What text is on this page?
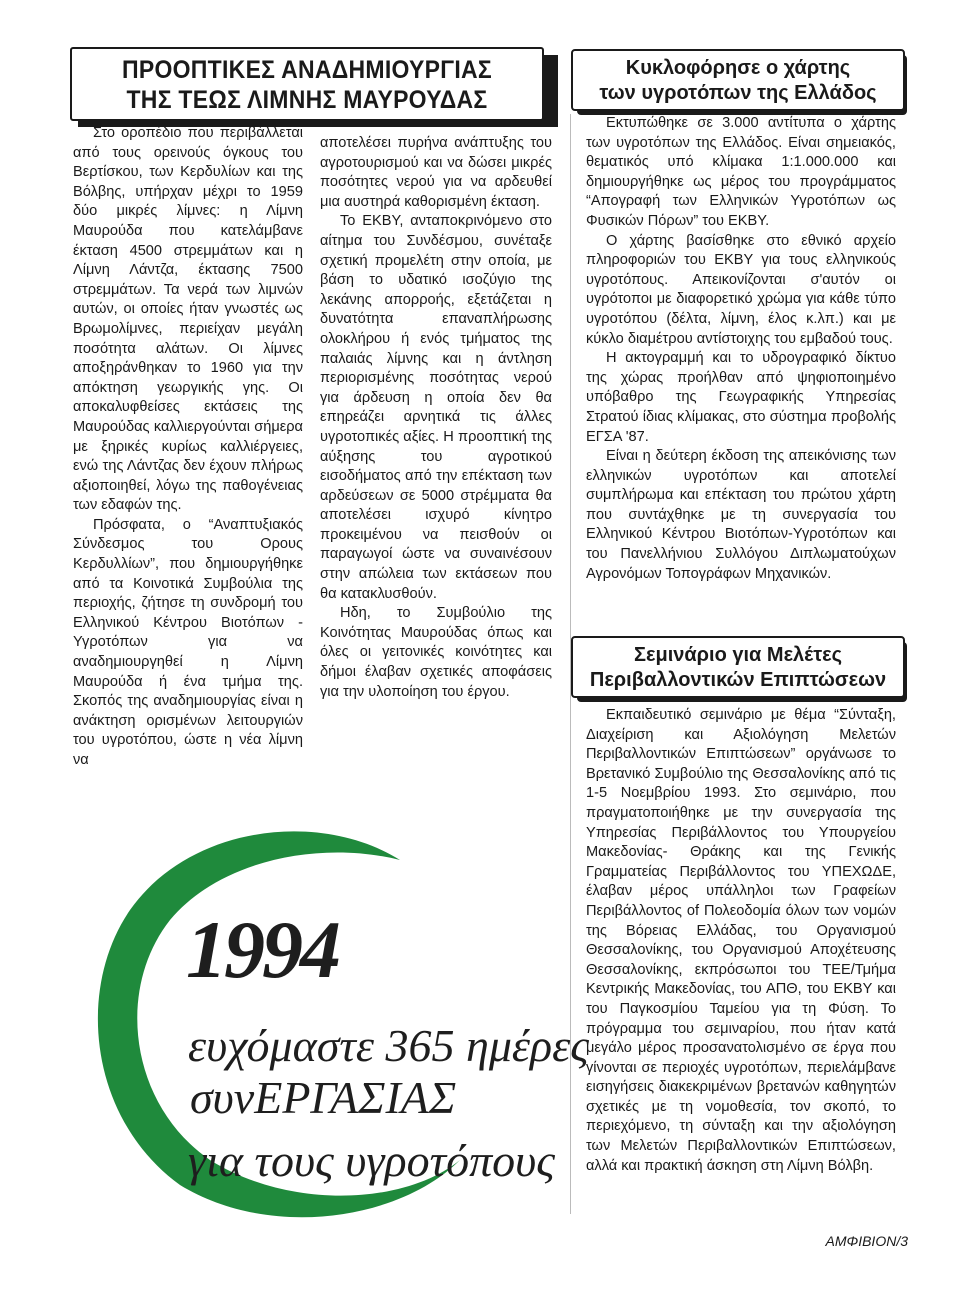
ΠΡΟΟΠΤΙΚΕΣ ΑΝΑΔΗΜΙΟΥΡΓΙΑΣ
ΤΗΣ ΤΕΩΣ ΛΙΜΝΗΣ ΜΑΥΡΟΥΔΑΣ

Στο οροπέδιο που περιβάλλεται από τους ορεινούς όγκους του Βερτίσκου, των Κερδυλίων και της Βόλβης, υπήρχαν μέχρι το 1959 δύο μικρές λίμνες: η Λίμνη Μαυρούδα που κατελάμβανε έκταση 4500 στρεμμάτων και η Λίμνη Λάντζα, έκτασης 7500 στρεμμάτων. Τα νερά των λιμνών αυτών, οι οποίες ήταν γνωστές ως Βρωμολίμνες, περιείχαν μεγάλη ποσότητα αλάτων. Οι λίμνες αποξηράνθηκαν το 1960 για την απόκτηση γεωργικής γης. Οι αποκαλυφθείσες εκτάσεις της Μαυρούδας καλλιεργούνται σήμερα με ξηρικές κυρίως καλλιέργειες, ενώ της Λάντζας δεν έχουν πλήρως αξιοποιηθεί, λόγω της παθογένειας των εδαφών της.

Πρόσφατα, ο “Αναπτυξιακός Σύνδεσμος του Ορους Κερδυλλίων”, που δημιουργήθηκε από τα Κοινοτικά Συμβούλια της περιοχής, ζήτησε τη συνδρομή του Ελληνικού Κέντρου Βιοτόπων - Υγροτόπων για να αναδημιουργηθεί η Λίμνη Μαυρούδα ή ένα τμήμα της. Σκοπός της αναδημιουργίας είναι η ανάκτηση ορισμένων λειτουργιών του υγροτόπου, ώστε η νέα λίμνη να

αποτελέσει πυρήνα ανάπτυξης του αγροτουρισμού και να δώσει μικρές ποσότητες νερού για να αρδευθεί μια αυστηρά καθορισμένη έκταση.

Το ΕΚΒΥ, ανταποκρινόμενο στο αίτημα του Συνδέσμου, συνέταξε σχετική προμελέτη στην οποία, με βάση το υδατικό ισοζύγιο της λεκάνης απορροής, εξετάζεται η δυνατότητα επαναπλήρωσης ολοκλήρου ή ενός τμήματος της παλαιάς λίμνης και η άντληση περιορισμένης ποσότητας νερού για άρδευση η οποία δεν θα επηρεάζει αρνητικά τις άλλες υγροτοπικές αξίες. Η προοπτική της αύξησης του αγροτικού εισοδήματος από την επέκταση των αρδεύσεων σε 5000 στρέμματα θα αποτελέσει ισχυρό κίνητρο προκειμένου να πεισθούν οι παραγωγοί ώστε να συναινέσουν στην απώλεια των εκτάσεων που θα κατακλυσθούν.

Ηδη, το Συμβούλιο της Κοινότητας Μαυρούδας όπως και όλες οι γειτονικές κοινότητες και δήμοι έλαβαν σχετικές αποφάσεις για την υλοποίηση του έργου.

Κυκλοφόρησε ο χάρτης
των υγροτόπων της Ελλάδος

Εκτυπώθηκε σε 3.000 αντίτυπα ο χάρτης των υγροτόπων της Ελλάδος. Είναι σημειακός, θεματικός υπό κλίμακα 1:1.000.000 και δημιουργήθηκε ως μέρος του προγράμματος “Απογραφή των Ελληνικών Υγροτόπων ως Φυσικών Πόρων” του ΕΚΒΥ.

Ο χάρτης βασίσθηκε στο εθνικό αρχείο πληροφοριών του ΕΚΒΥ για τους ελληνικούς υγροτόπους. Απεικονίζονται σ'αυτόν οι υγρότοποι με διαφορετικό χρώμα για κάθε τύπο υγροτόπου (δέλτα, λίμνη, έλος κ.λπ.) και με κύκλο διαμέτρου αντίστοιχης του εμβαδού τους.

Η ακτογραμμή και το υδρογραφικό δίκτυο της χώρας προήλθαν από ψηφιοποιημένο υπόβαθρο της Γεωγραφικής Υπηρεσίας Στρατού ίδιας κλίμακας, στο σύστημα προβολής ΕΓΣΑ '87.

Είναι η δεύτερη έκδοση της απεικόνισης των ελληνικών υγροτόπων και αποτελεί συμπλήρωμα και επέκταση του πρώτου χάρτη που συντάχθηκε με τη συνεργασία του Ελληνικού Κέντρου Βιοτόπων-Υγροτόπων και του Πανελλήνιου Συλλόγου Διπλωματούχων Αγρονόμων Τοπογράφων Μηχανικών.

Σεμινάριο για Μελέτες
Περιβαλλοντικών Επιπτώσεων

Εκπαιδευτικό σεμινάριο με θέμα “Σύνταξη, Διαχείριση και Αξιολόγηση Μελετών Περιβαλλοντικών Επιπτώσεων” οργάνωσε το Βρετανικό Συμβούλιο της Θεσσαλονίκης από τις 1-5 Νοεμβρίου 1993. Στο σεμινάριο, που πραγματοποιήθηκε με την συνεργασία της Υπηρεσίας Περιβάλλοντος του Υπουργείου Μακεδονίας- Θράκης και της Γενικής Γραμματείας Περιβάλλοντος του ΥΠΕΧΩΔΕ, έλαβαν μέρος υπάλληλοι των Γραφείων Περιβάλλοντος of Πολεοδομία όλων των νομών της Βόρειας Ελλάδας, του Οργανισμού Θεσσαλονίκης, του Οργανισμού Αποχέτευσης Θεσσαλονίκης, εκπρόσωποι του ΤΕΕ/Τμήμα Κεντρικής Μακεδονίας, του ΑΠΘ, του ΕΚΒΥ και του Παγκοσμίου Ταμείου για τη Φύση. Το πρόγραμμα του σεμιναρίου, που ήταν κατά μεγάλο μέρος προσανατολισμένο σε έργα που γίνονται σε περιοχές υγροτόπων, περιελάμβανε εισηγήσεις διακεκριμένων βρετανών καθηγητών σχετικές με τη νομοθεσία, τον σκοπό, το περιεχόμενο, τη σύνταξη και την αξιολόγηση των Μελετών Περιβαλλοντικών Επιπτώσεων, αλλά και πρακτική άσκηση στη Λίμνη Βόλβη.

1994
ευχόμαστε 365 ημέρες
συνΕΡΓΑΣΙΑΣ
για τους υγροτόπους
ΑΜΦΙΒΙΟΝ/3
